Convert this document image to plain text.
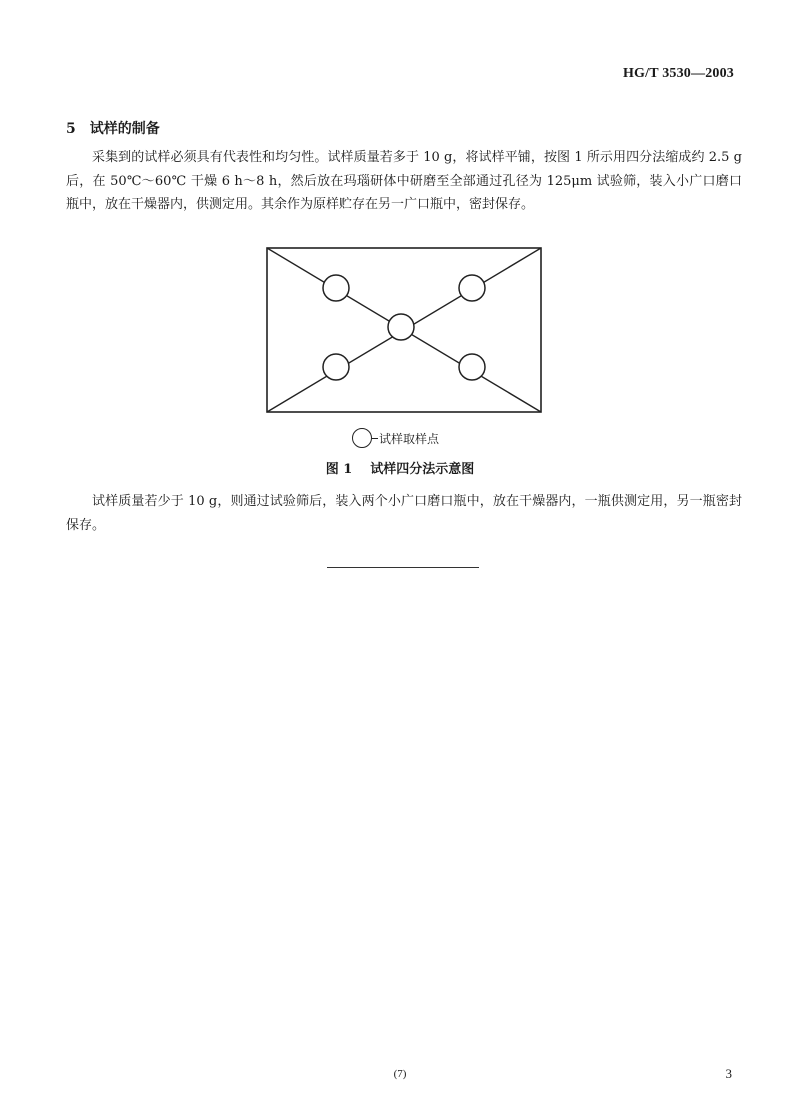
HG/T 3530—2003
5 试样的制备

采集到的试样必须具有代表性和均匀性。试样质量若多于 10 g，将试样平铺，按图 1 所示用四分法缩成约 2.5 g 后，在 50℃～60℃ 干燥 6 h～8 h，然后放在玛瑙研体中研磨至全部通过孔径为 125μm 试验筛，装入小广口磨口瓶中，放在干燥器内，供测定用。其余作为原样贮存在另一广口瓶中，密封保存。

试样取样点
图 1 试样四分法示意图

试样质量若少于 10 g，则通过试验筛后，装入两个小广口磨口瓶中，放在干燥器内，一瓶供测定用，另一瓶密封保存。

(7)	3
